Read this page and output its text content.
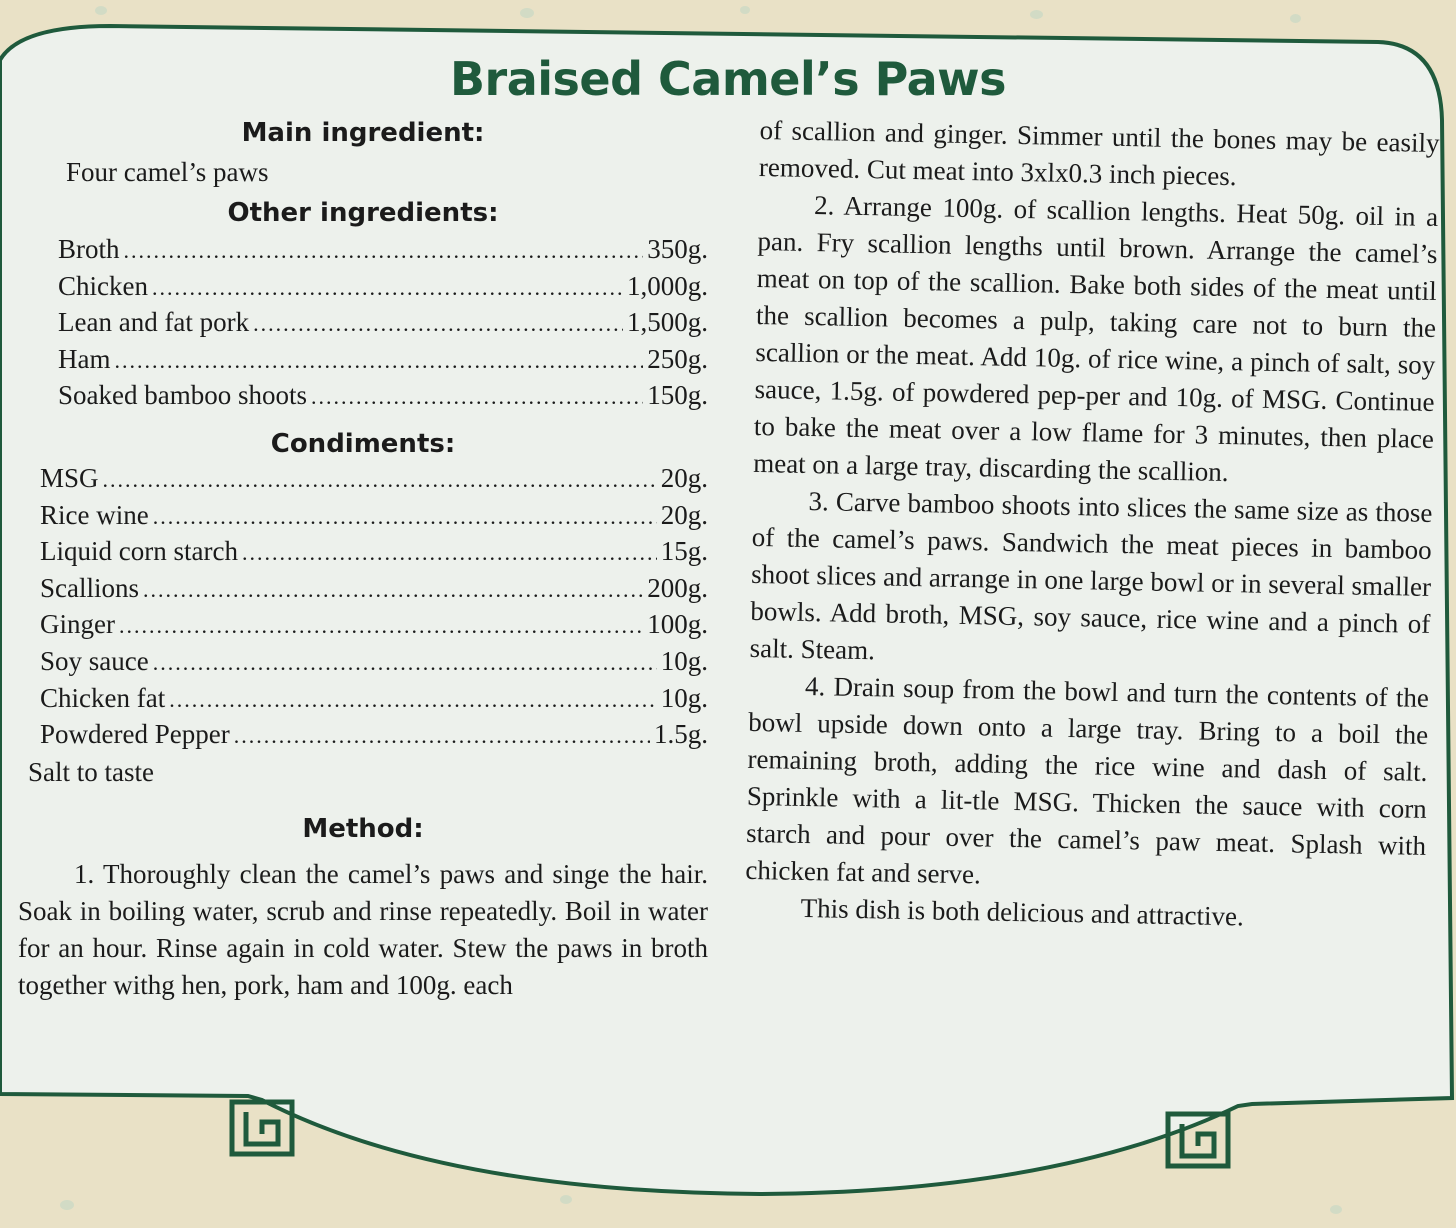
Braised Camel’s Paws
Main ingredient:
Four camel’s paws
Other ingredients:
Broth .....	350g.
Chicken .....	1,000g.
Lean and fat pork .....	1,500g.
Ham .....	250g.
Soaked bamboo shoots .....	150g.
Condiments:
MSG .....	20g.
Rice wine .....	20g.
Liquid corn starch .....	15g.
Scallions .....	200g.
Ginger .....	100g.
Soy sauce .....	10g.
Chicken fat .....	10g.
Powdered Pepper .....	1.5g.
Salt to taste
Method:

1. Thoroughly clean the camel’s paws and singe the hair. Soak in boiling water, scrub and rinse repeatedly. Boil in water for an hour. Rinse again in cold water. Stew the paws in broth together withg hen, pork, ham and 100g. each

of scallion and ginger. Simmer until the bones may be easily removed. Cut meat into 3xlx0.3 inch pieces.

2. Arrange 100g. of scallion lengths. Heat 50g. oil in a pan. Fry scallion lengths until brown. Arrange the camel’s meat on top of the scallion. Bake both sides of the meat until the scallion becomes a pulp, taking care not to burn the scallion or the meat. Add 10g. of rice wine, a pinch of salt, soy sauce, 1.5g. of powdered pep-per and 10g. of MSG. Continue to bake the meat over a low flame for 3 minutes, then place meat on a large tray, discarding the scallion.

3. Carve bamboo shoots into slices the same size as those of the camel’s paws. Sandwich the meat pieces in bamboo shoot slices and arrange in one large bowl or in several smaller bowls. Add broth, MSG, soy sauce, rice wine and a pinch of salt. Steam.

4. Drain soup from the bowl and turn the contents of the bowl upside down onto a large tray. Bring to a boil the remaining broth, adding the rice wine and dash of salt. Sprinkle with a lit-tle MSG. Thicken the sauce with corn starch and pour over the camel’s paw meat. Splash with chicken fat and serve.

This dish is both delicious and attractive.
